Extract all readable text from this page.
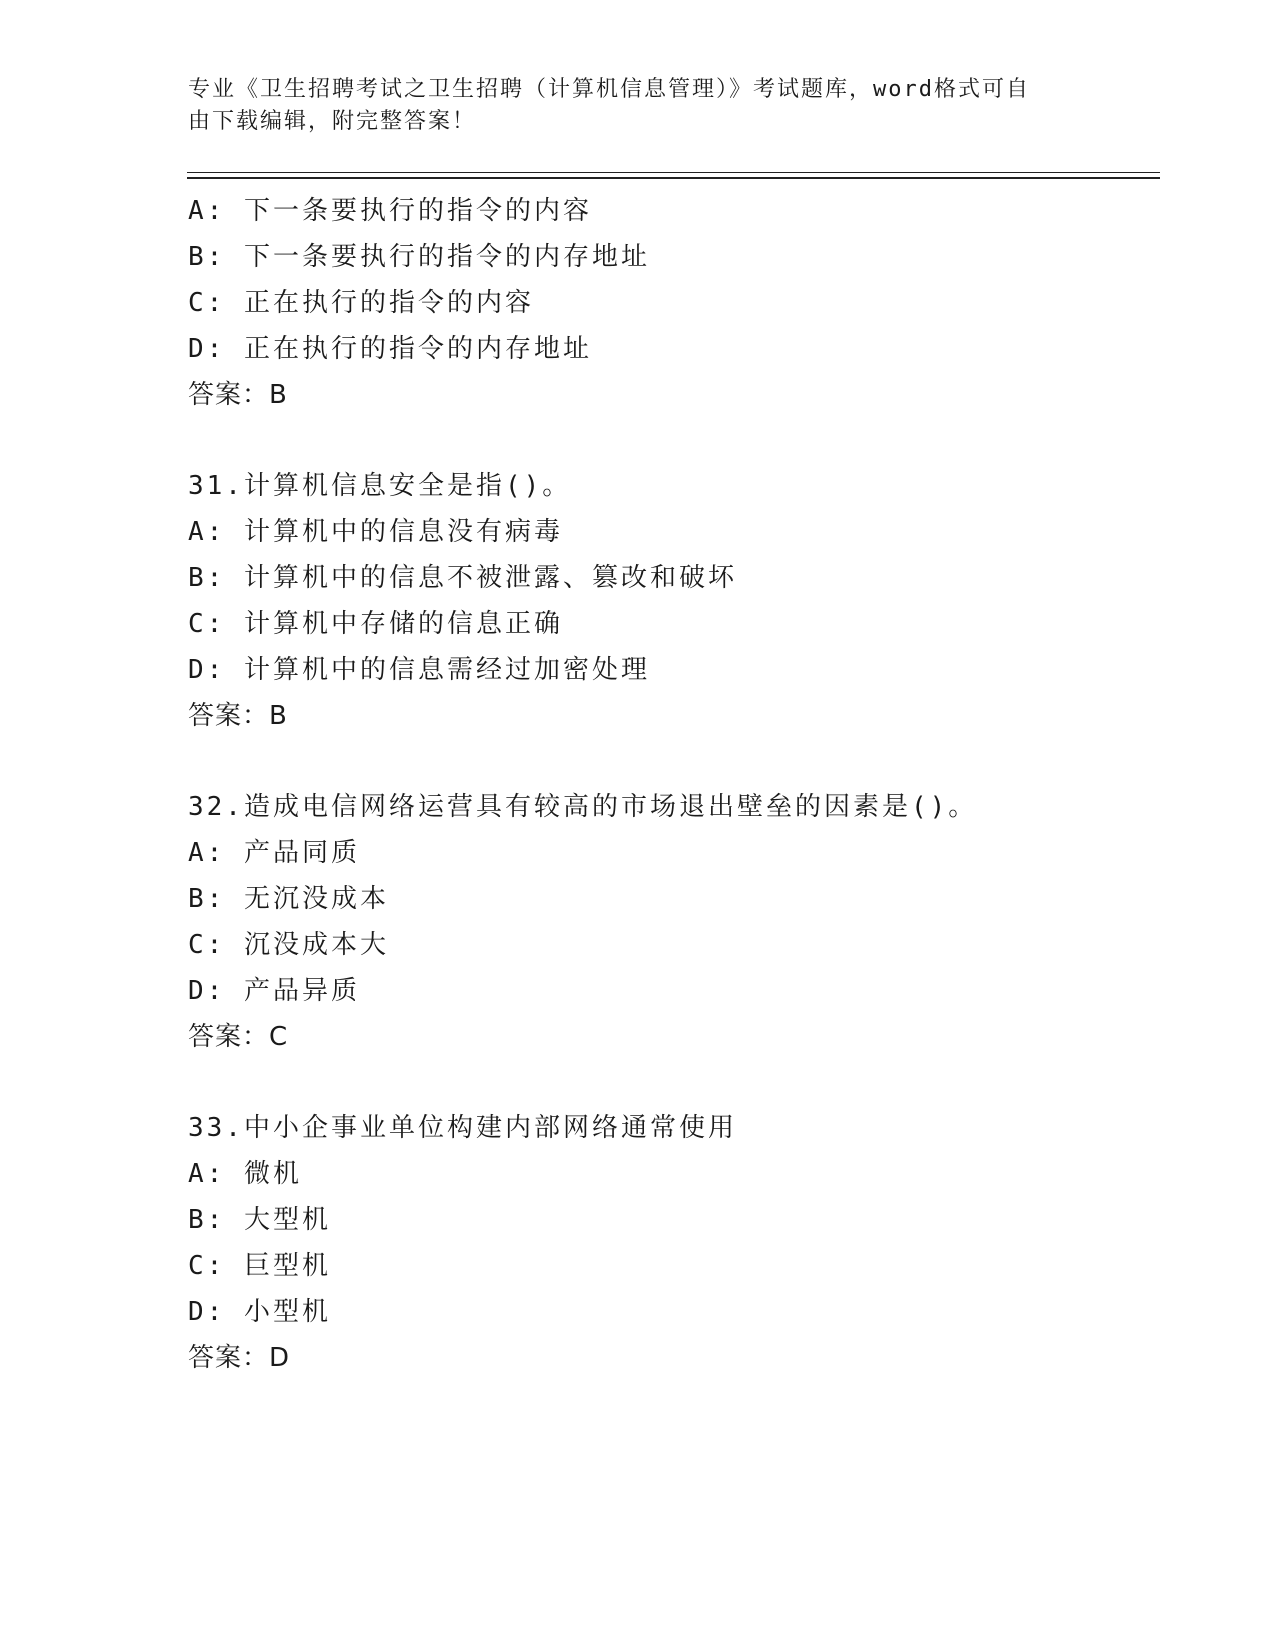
专业《卫生招聘考试之卫生招聘（计算机信息管理）》考试题库，word格式可自
由下载编辑，附完整答案！
A: 下一条要执行的指令的内容
B: 下一条要执行的指令的内存地址
C: 正在执行的指令的内容
D: 正在执行的指令的内存地址
答案：B
31.计算机信息安全是指()。
A: 计算机中的信息没有病毒
B: 计算机中的信息不被泄露、篡改和破坏
C: 计算机中存储的信息正确
D: 计算机中的信息需经过加密处理
答案：B
32.造成电信网络运营具有较高的市场退出壁垒的因素是()。
A: 产品同质
B: 无沉没成本
C: 沉没成本大
D: 产品异质
答案：C
33.中小企事业单位构建内部网络通常使用
A: 微机
B: 大型机
C: 巨型机
D: 小型机
答案：D
